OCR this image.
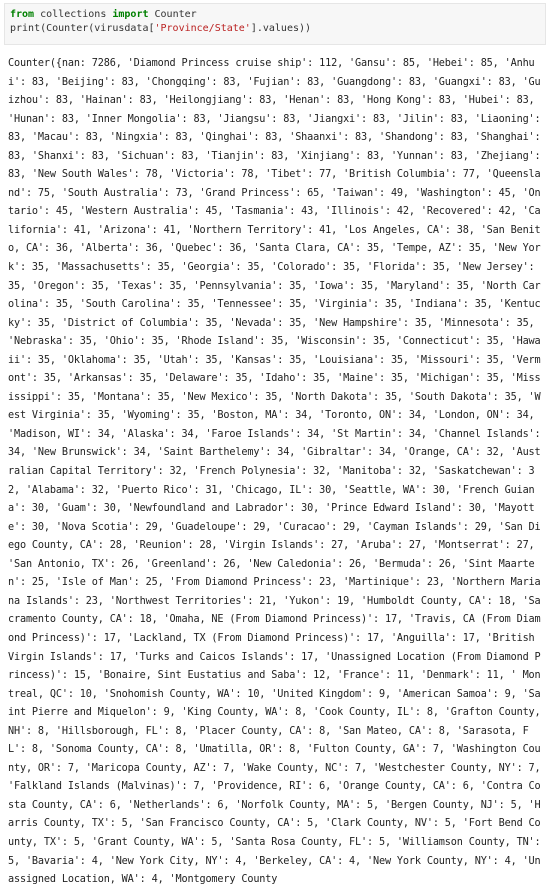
from collections import Counter
print(Counter(virusdata['Province/State'].values))
Counter({nan: 7286, 'Diamond Princess cruise ship': 112, 'Gansu': 85, 'Hebei': 85, 'Anhui': 83, 'Beijing': 83, 'Chongqing': 83, 'Fujian': 83, 'Guangdong': 83, 'Guangxi': 83, 'Guizhou': 83, 'Hainan': 83, 'Heilongjiang': 83, 'Henan': 83, 'Hong Kong': 83, 'Hubei': 83, 'Hunan': 83, 'Inner Mongolia': 83, 'Jiangsu': 83, 'Jiangxi': 83, 'Jilin': 83, 'Liaoning': 83, 'Macau': 83, 'Ningxia': 83, 'Qinghai': 83, 'Shaanxi': 83, 'Shandong': 83, 'Shanghai': 83, 'Shanxi': 83, 'Sichuan': 83, 'Tianjin': 83, 'Xinjiang': 83, 'Yunnan': 83, 'Zhejiang': 83, 'New South Wales': 78, 'Victoria': 78, 'Tibet': 77, 'British Columbia': 77, 'Queensland': 75, 'South Australia': 73, 'Grand Princess': 65, 'Taiwan': 49, 'Washington': 45, 'Ontario': 45, 'Western Australia': 45, 'Tasmania': 43, 'Illinois': 42, 'Recovered': 42, 'California': 41, 'Arizona': 41, 'Northern Territory': 41, 'Los Angeles, CA': 38, 'San Benito, CA': 36, 'Alberta': 36, 'Quebec': 36, 'Santa Clara, CA': 35, 'Tempe, AZ': 35, 'New York': 35, 'Massachusetts': 35, 'Georgia': 35, 'Colorado': 35, 'Florida': 35, 'New Jersey': 35, 'Oregon': 35, 'Texas': 35, 'Pennsylvania': 35, 'Iowa': 35, 'Maryland': 35, 'North Carolina': 35, 'South Carolina': 35, 'Tennessee': 35, 'Virginia': 35, 'Indiana': 35, 'Kentucky': 35, 'District of Columbia': 35, 'Nevada': 35, 'New Hampshire': 35, 'Minnesota': 35, 'Nebraska': 35, 'Ohio': 35, 'Rhode Island': 35, 'Wisconsin': 35, 'Connecticut': 35, 'Hawaii': 35, 'Oklahoma': 35, 'Utah': 35, 'Kansas': 35, 'Louisiana': 35, 'Missouri': 35, 'Vermont': 35, 'Arkansas': 35, 'Delaware': 35, 'Idaho': 35, 'Maine': 35, 'Michigan': 35, 'Mississippi': 35, 'Montana': 35, 'New Mexico': 35, 'North Dakota': 35, 'South Dakota': 35, 'West Virginia': 35, 'Wyoming': 35, 'Boston, MA': 34, 'Toronto, ON': 34, 'London, ON': 34, 'Madison, WI': 34, 'Alaska': 34, 'Faroe Islands': 34, 'St Martin': 34, 'Channel Islands': 34, 'New Brunswick': 34, 'Saint Barthelemy': 34, 'Gibraltar': 34, 'Orange, CA': 32, 'Australian Capital Territory': 32, 'French Polynesia': 32, 'Manitoba': 32, 'Saskatchewan': 32, 'Alabama': 32, 'Puerto Rico': 31, 'Chicago, IL': 30, 'Seattle, WA': 30, 'French Guiana': 30, 'Guam': 30, 'Newfoundland and Labrador': 30, 'Prince Edward Island': 30, 'Mayotte': 30, 'Nova Scotia': 29, 'Guadeloupe': 29, 'Curacao': 29, 'Cayman Islands': 29, 'San Diego County, CA': 28, 'Reunion': 28, 'Virgin Islands': 27, 'Aruba': 27, 'Montserrat': 27, 'San Antonio, TX': 26, 'Greenland': 26, 'New Caledonia': 26, 'Bermuda': 26, 'Sint Maarten': 25, 'Isle of Man': 25, 'From Diamond Princess': 23, 'Martinique': 23, 'Northern Mariana Islands': 23, 'Northwest Territories': 21, 'Yukon': 19, 'Humboldt County, CA': 18, 'Sacramento County, CA': 18, 'Omaha, NE (From Diamond Princess)': 17, 'Travis, CA (From Diamond Princess)': 17, 'Lackland, TX (From Diamond Princess)': 17, 'Anguilla': 17, 'British Virgin Islands': 17, 'Turks and Caicos Islands': 17, 'Unassigned Location (From Diamond Princess)': 15, 'Bonaire, Sint Eustatius and Saba': 12, 'France': 11, 'Denmark': 11, ' Montreal, QC': 10, 'Snohomish County, WA': 10, 'United Kingdom': 9, 'American Samoa': 9, 'Saint Pierre and Miquelon': 9, 'King County, WA': 8, 'Cook County, IL': 8, 'Grafton County, NH': 8, 'Hillsborough, FL': 8, 'Placer County, CA': 8, 'San Mateo, CA': 8, 'Sarasota, FL': 8, 'Sonoma County, CA': 8, 'Umatilla, OR': 8, 'Fulton County, GA': 7, 'Washington County, OR': 7, 'Maricopa County, AZ': 7, 'Wake County, NC': 7, 'Westchester County, NY': 7, 'Falkland Islands (Malvinas)': 7, 'Providence, RI': 6, 'Orange County, CA': 6, 'Contra Costa County, CA': 6, 'Netherlands': 6, 'Norfolk County, MA': 5, 'Bergen County, NJ': 5, 'Harris County, TX': 5, 'San Francisco County, CA': 5, 'Clark County, NV': 5, 'Fort Bend County, TX': 5, 'Grant County, WA': 5, 'Santa Rosa County, FL': 5, 'Williamson County, TN': 5, 'Bavaria': 4, 'New York City, NY': 4, 'Berkeley, CA': 4, 'New York County, NY': 4, 'Unassigned Location, WA': 4, 'Montgomery County
